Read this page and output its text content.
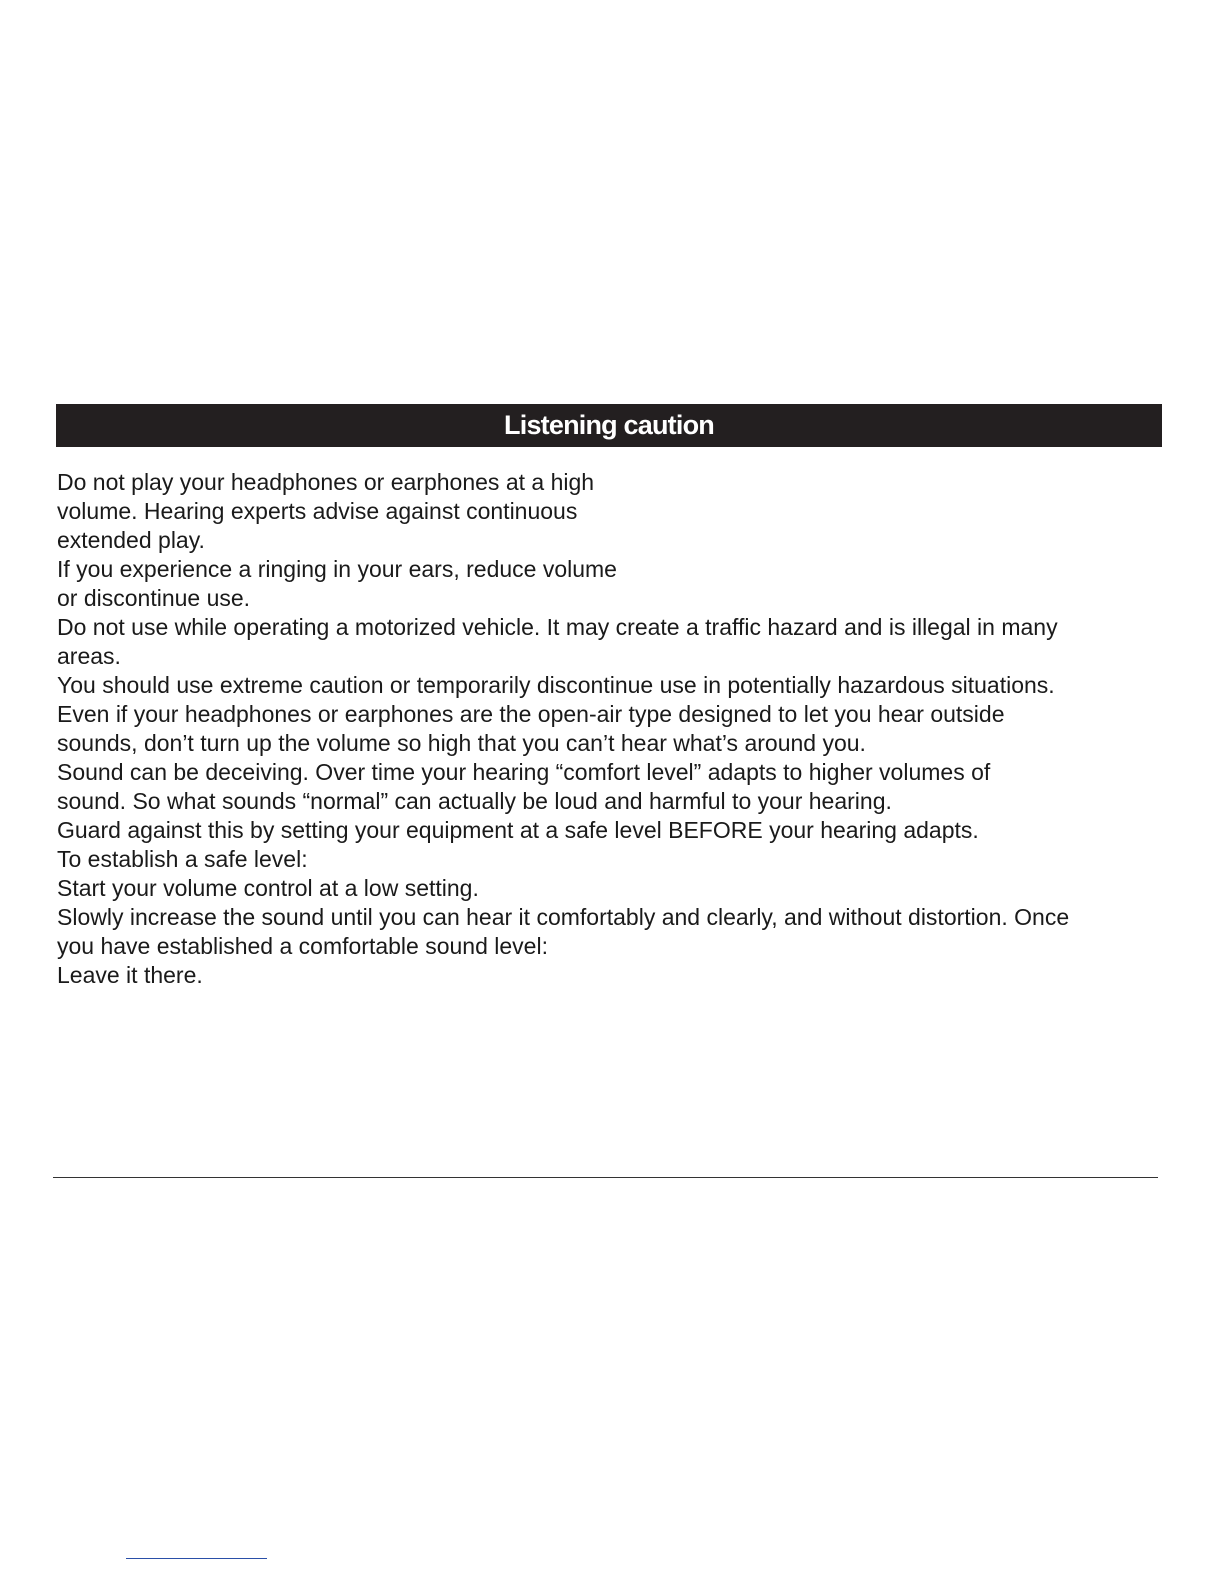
Listening caution
Do not play your headphones or earphones at a high
volume. Hearing experts advise against continuous
extended play.
If you experience a ringing in your ears, reduce volume
or discontinue use.
Do not use while operating a motorized vehicle. It may create a traffic hazard and is illegal in many
areas.
You should use extreme caution or temporarily discontinue use in potentially hazardous situations.
Even if your headphones or earphones are the open-air type designed to let you hear outside
sounds, don’t turn up the volume so high that you can’t hear what’s around you.
Sound can be deceiving. Over time your hearing “comfort level” adapts to higher volumes of
sound. So what sounds “normal” can actually be loud and harmful to your hearing.
Guard against this by setting your equipment at a safe level BEFORE your hearing adapts.
To establish a safe level:
Start your volume control at a low setting.
Slowly increase the sound until you can hear it comfortably and clearly, and without distortion. Once
you have established a comfortable sound level:
Leave it there.
